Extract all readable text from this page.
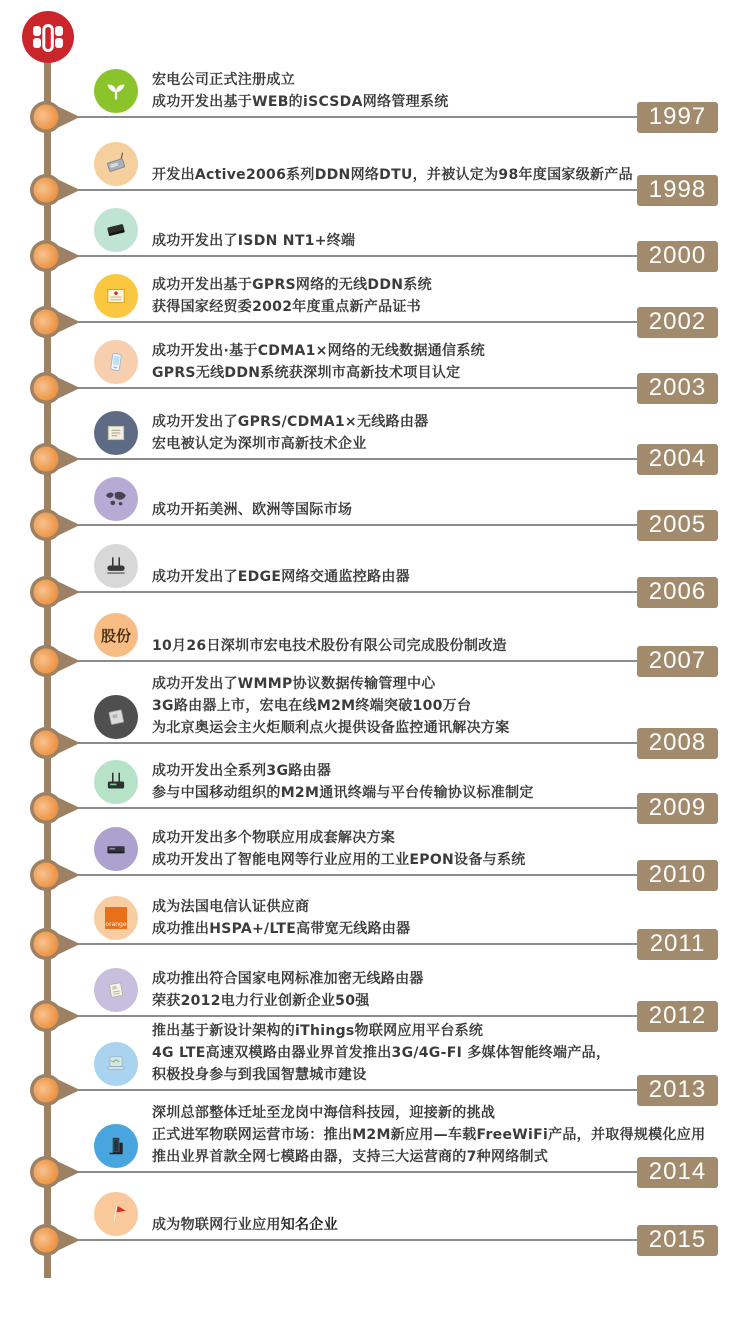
宏电公司正式注册成立
成功开发出基于WEB的iSCSDA网络管理系统
1997
开发出Active2006系列DDN网络DTU，并被认定为98年度国家级新产品
1998
成功开发出了ISDN NT1+终端
2000
成功开发出基于GPRS网络的无线DDN系统
获得国家经贸委2002年度重点新产品证书
2002
成功开发出·基于CDMA1×网络的无线数据通信系统
GPRS无线DDN系统获深圳市高新技术项目认定
2003
成功开发出了GPRS/CDMA1×无线路由器
宏电被认定为深圳市高新技术企业
2004
成功开拓美洲、欧洲等国际市场
2005
成功开发出了EDGE网络交通监控路由器
2006
股份
10月26日深圳市宏电技术股份有限公司完成股份制改造
2007
成功开发出了WMMP协议数据传输管理中心
3G路由器上市，宏电在线M2M终端突破100万台
为北京奥运会主火炬顺利点火提供设备监控通讯解决方案
2008
成功开发出全系列3G路由器
参与中国移动组织的M2M通讯终端与平台传输协议标准制定
2009
成功开发出多个物联应用成套解决方案
成功开发出了智能电网等行业应用的工业EPON设备与系统
2010
orange
成为法国电信认证供应商
成功推出HSPA+/LTE高带宽无线路由器
2011
成功推出符合国家电网标准加密无线路由器
荣获2012电力行业创新企业50强
2012
推出基于新设计架构的iThings物联网应用平台系统
4G LTE高速双模路由器业界首发推出3G/4G-FI 多媒体智能终端产品，
积极投身参与到我国智慧城市建设
2013
深圳总部整体迁址至龙岗中海信科技园，迎接新的挑战
正式进军物联网运营市场：推出M2M新应用—车载FreeWiFi产品，并取得规模化应用
推出业界首款全网七模路由器，支持三大运营商的7种网络制式
2014
成为物联网行业应用知名企业
2015
